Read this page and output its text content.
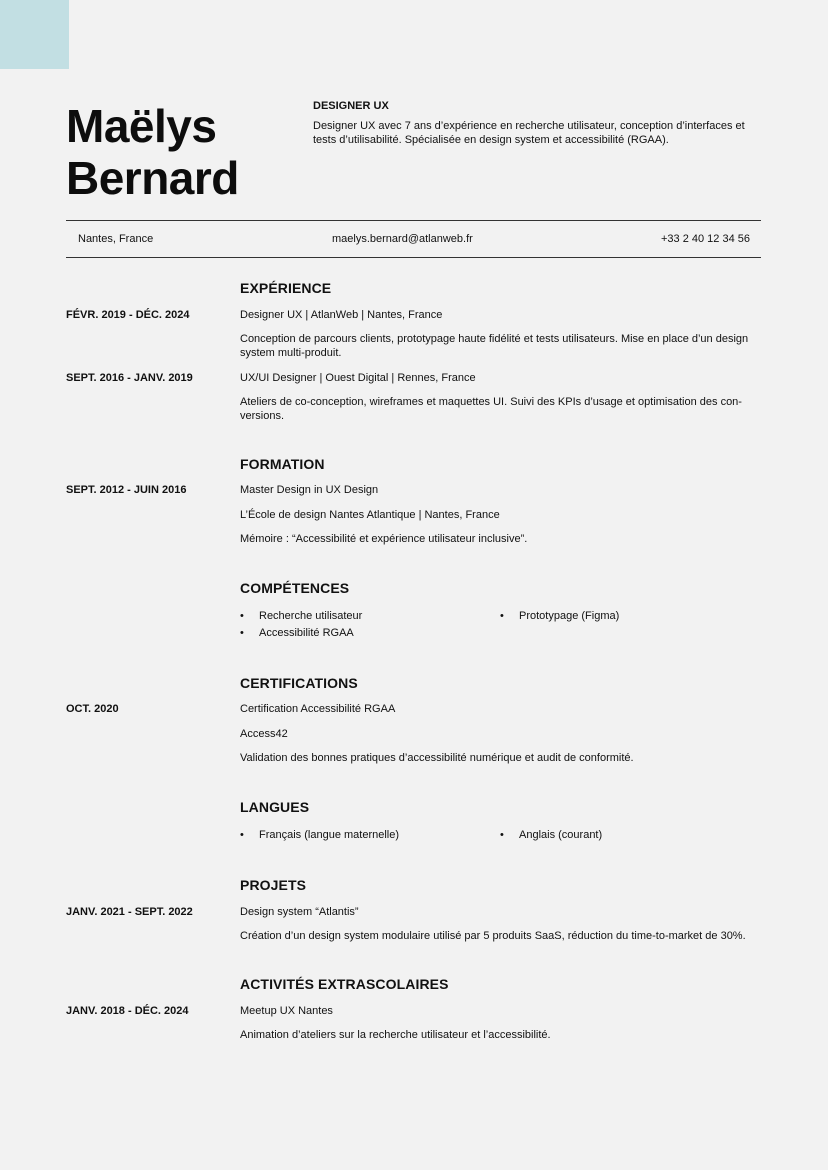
Maëlys
Bernard
DESIGNER UX
Designer UX avec 7 ans d’expérience en recherche utilisateur, conception d’interfaces et tests d’utilisabilité. Spécialisée en design system et accessibilité (RGAA).
Nantes, France	maelys.bernard@atlanweb.fr	+33 2 40 12 34 56
EXPÉRIENCE
FÉVR. 2019 - DÉC. 2024	Designer UX | AtlanWeb | Nantes, France
Conception de parcours clients, prototypage haute fidélité et tests utilisateurs. Mise en place d’un design system multi-produit.
SEPT. 2016 - JANV. 2019	UX/UI Designer | Ouest Digital | Rennes, France
Ateliers de co-conception, wireframes et maquettes UI. Suivi des KPIs d’usage et optimisation des con-versions.
FORMATION
SEPT. 2012 - JUIN 2016	Master Design in UX Design
L’École de design Nantes Atlantique | Nantes, France
Mémoire : “Accessibilité et expérience utilisateur inclusive”.
COMPÉTENCES
• Recherche utilisateur	• Prototypage (Figma)
• Accessibilité RGAA
CERTIFICATIONS
OCT. 2020	Certification Accessibilité RGAA
Access42
Validation des bonnes pratiques d’accessibilité numérique et audit de conformité.
LANGUES
• Français (langue maternelle)	• Anglais (courant)
PROJETS
JANV. 2021 - SEPT. 2022	Design system “Atlantis”
Création d’un design system modulaire utilisé par 5 produits SaaS, réduction du time-to-market de 30%.
ACTIVITÉS EXTRASCOLAIRES
JANV. 2018 - DÉC. 2024	Meetup UX Nantes
Animation d’ateliers sur la recherche utilisateur et l’accessibilité.
